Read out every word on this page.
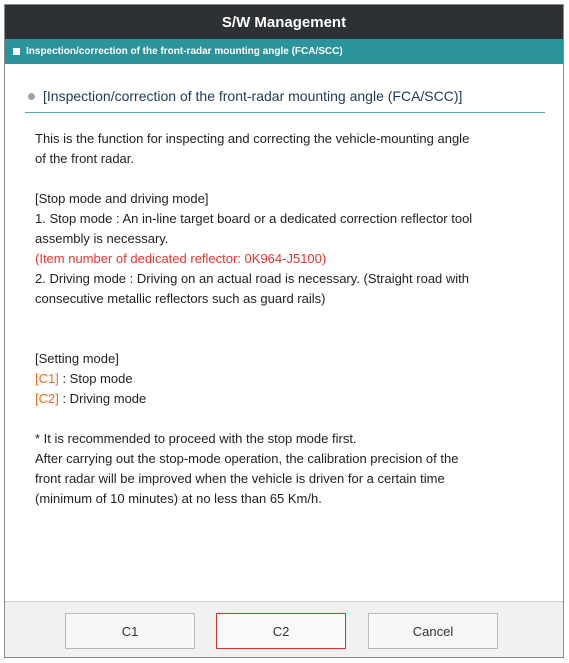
S/W Management
Inspection/correction of the front-radar mounting angle (FCA/SCC)
[Inspection/correction of the front-radar mounting angle (FCA/SCC)]

This is the function for inspecting and correcting the vehicle-mounting angle

of the front radar.

[Stop mode and driving mode]

1. Stop mode : An in-line target board or a dedicated correction reflector tool

assembly is necessary.

(Item number of dedicated reflector: 0K964-J5100)

2. Driving mode : Driving on an actual road is necessary. (Straight road with

consecutive metallic reflectors such as guard rails)

[Setting mode]

[C1] : Stop mode

[C2] : Driving mode

* It is recommended to proceed with the stop mode first.

After carrying out the stop-mode operation, the calibration precision of the

front radar will be improved when the vehicle is driven for a certain time

(minimum of 10 minutes) at no less than 65 Km/h.

C1	C2	Cancel
